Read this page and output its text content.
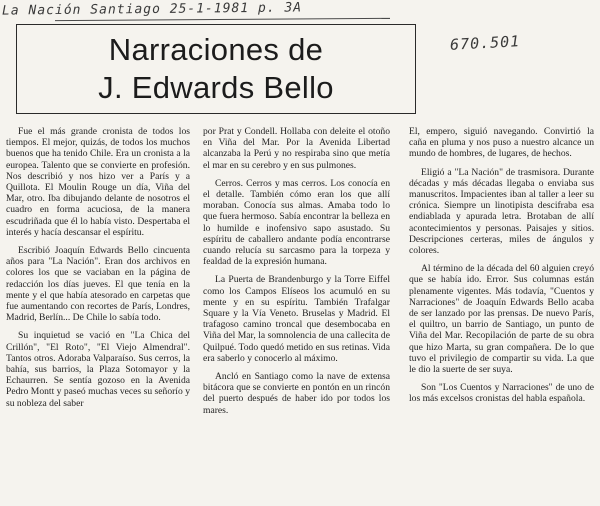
La Nación Santiago 25-1-1981 p. 3A
670.501
Narraciones de
J. Edwards Bello

Fue el más grande cronista de todos los tiempos. El mejor, quizás, de todos los muchos buenos que ha tenido Chile. Era un cronista a la europea. Talento que se convierte en profesión. Nos describió y nos hizo ver a París y a Quillota. El Moulin Rouge un día, Viña del Mar, otro. Iba dibujando delante de nosotros el cuadro en forma acuciosa, de la manera escudriñada que él lo había visto. Despertaba el interés y hacía descansar el espíritu.

Escribió Joaquín Edwards Bello cincuenta años para "La Nación". Eran dos archivos en colores los que se vaciaban en la página de redacción los días jueves. El que tenía en la mente y el que había atesorado en carpetas que fue aumentando con recortes de París, Londres, Madrid, Berlín... De Chile lo sabía todo.

Su inquietud se vació en "La Chica del Crillón", "El Roto", "El Viejo Almendral". Tantos otros. Adoraba Valparaíso. Sus cerros, la bahía, sus barrios, la Plaza Sotomayor y la Echaurren. Se sentía gozoso en la Avenida Pedro Montt y paseó muchas veces su señorío y su nobleza del saber

por Prat y Condell. Hollaba con deleite el otoño en Viña del Mar. Por la Avenida Libertad alcanzaba la Perú y no respiraba sino que metía el mar en su cerebro y en sus pulmones.

Cerros. Cerros y mas cerros. Los conocía en el detalle. También cómo eran los que allí moraban. Conocía sus almas. Amaba todo lo que fuera hermoso. Sabía encontrar la belleza en lo humilde e inofensivo sapo asustado. Su espíritu de caballero andante podía encontrarse cuando relucía su sarcasmo para la torpeza y fealdad de la expresión humana.

La Puerta de Brandenburgo y la Torre Eiffel como los Campos Elíseos los acumuló en su mente y en su espíritu. También Trafalgar Square y la Vía Veneto. Bruselas y Madrid. El trafagoso camino troncal que desembocaba en Viña del Mar, la somnolencia de una callecita de Quilpué. Todo quedó metido en sus retinas. Vida era saberlo y conocerlo al máximo.

Ancló en Santiago como la nave de extensa bitácora que se convierte en pontón en un rincón del puerto después de haber ido por todos los mares.

El, empero, siguió navegando. Convirtió la caña en pluma y nos puso a nuestro alcance un mundo de hombres, de lugares, de hechos.

Eligió a "La Nación" de trasmisora. Durante décadas y más décadas llegaba o enviaba sus manuscritos. Impacientes iban al taller a leer su crónica. Siempre un linotipista descifraba esa endiablada y apurada letra. Brotaban de allí acontecimientos y personas. Paisajes y sitios. Descripciones certeras, miles de ángulos y colores.

Al término de la década del 60 alguien creyó que se había ido. Error. Sus columnas están plenamente vigentes. Más todavía, "Cuentos y Narraciones" de Joaquín Edwards Bello acaba de ser lanzado por las prensas. De nuevo París, el quiltro, un barrio de Santiago, un punto de Viña del Mar. Recopilación de parte de su obra que hizo Marta, su gran compañera. De lo que tuvo el privilegio de compartir su vida. La que le dio la suerte de ser suya.

Son "Los Cuentos y Narraciones" de uno de los más excelsos cronistas del habla española.
